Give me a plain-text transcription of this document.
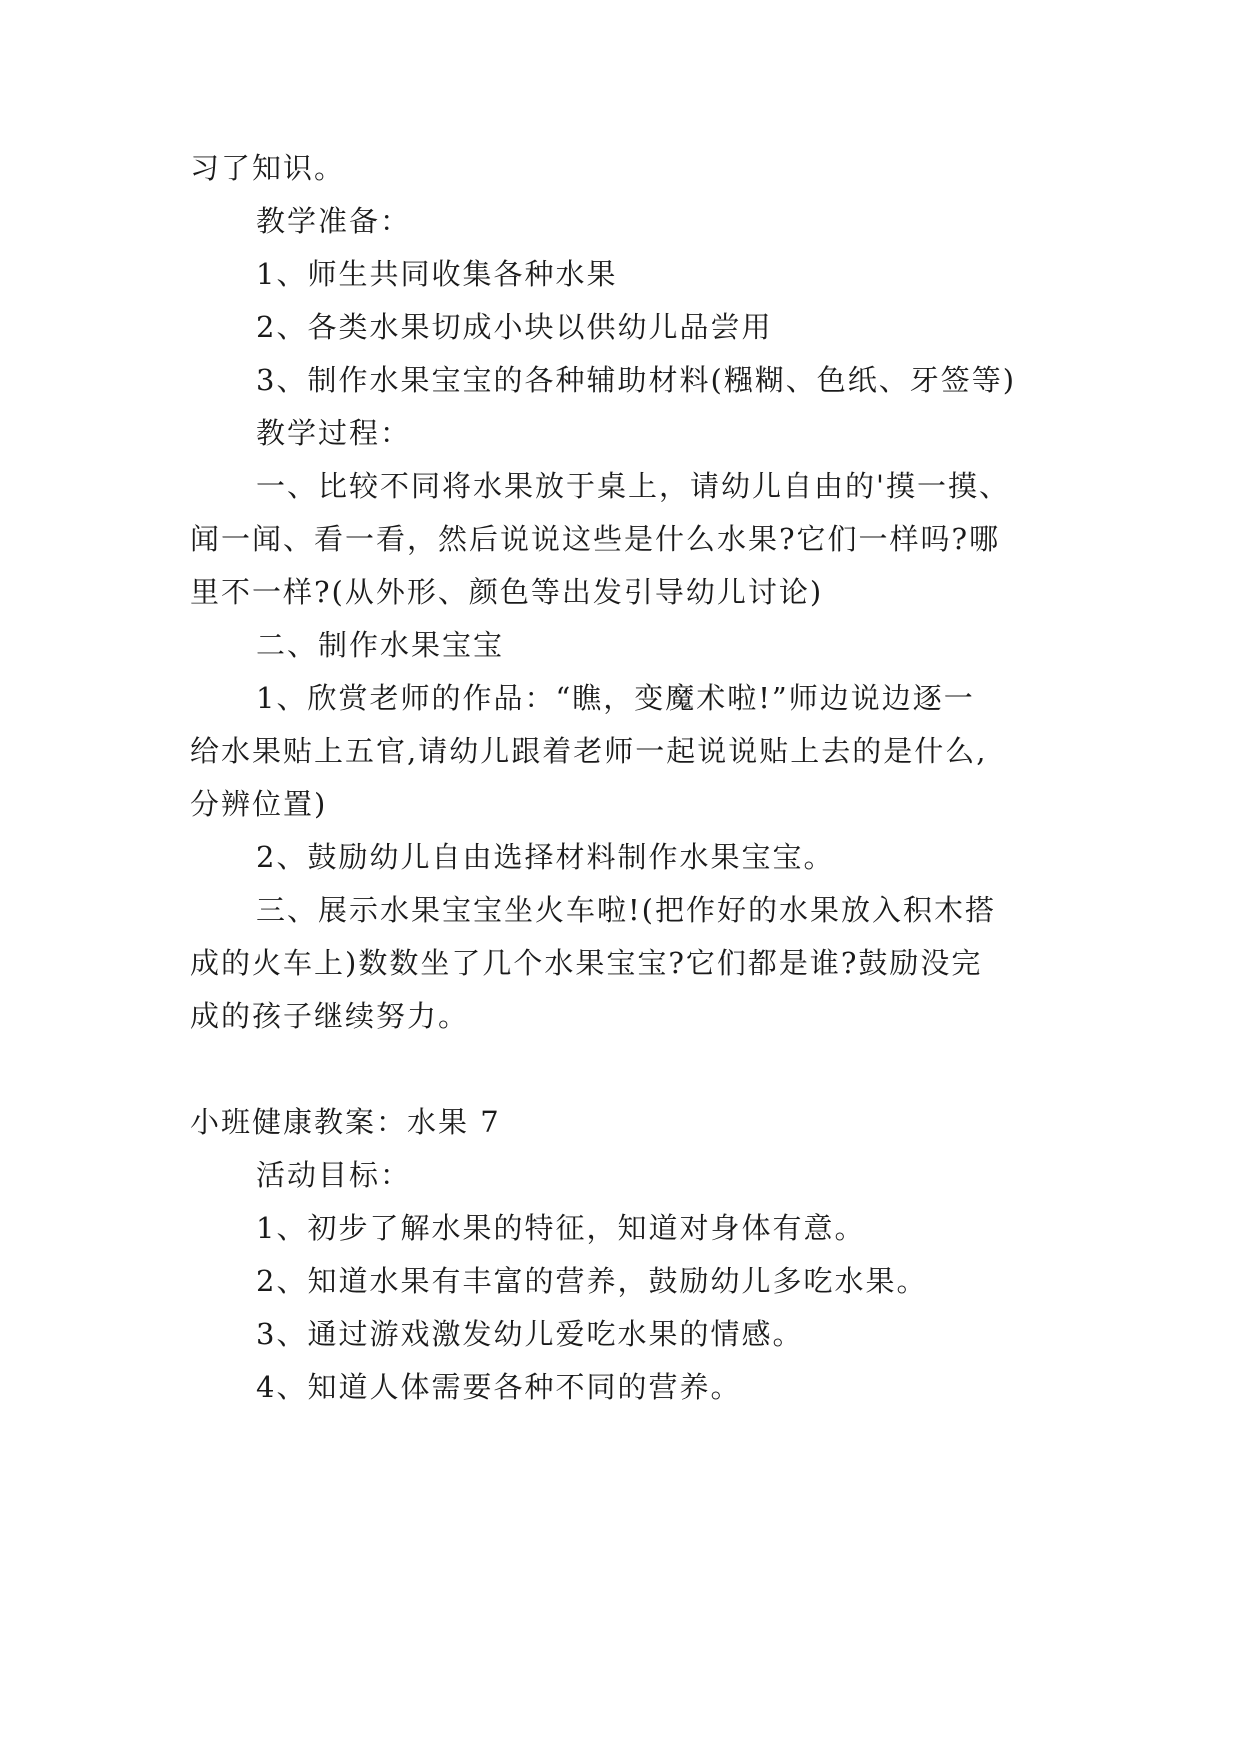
习了知识。
教学准备：
1、师生共同收集各种水果
2、各类水果切成小块以供幼儿品尝用
3、制作水果宝宝的各种辅助材料(糨糊、色纸、牙签等)
教学过程：
一、比较不同将水果放于桌上，请幼儿自由的'摸一摸、
闻一闻、看一看，然后说说这些是什么水果?它们一样吗?哪
里不一样?(从外形、颜色等出发引导幼儿讨论)
二、制作水果宝宝
1、欣赏老师的作品：“瞧，变魔术啦!”师边说边逐一
给水果贴上五官,请幼儿跟着老师一起说说贴上去的是什么,
分辨位置)
2、鼓励幼儿自由选择材料制作水果宝宝。
三、展示水果宝宝坐火车啦!(把作好的水果放入积木搭
成的火车上)数数坐了几个水果宝宝?它们都是谁?鼓励没完
成的孩子继续努力。
小班健康教案：水果 7
活动目标：
1、初步了解水果的特征，知道对身体有意。
2、知道水果有丰富的营养，鼓励幼儿多吃水果。
3、通过游戏激发幼儿爱吃水果的情感。
4、知道人体需要各种不同的营养。
